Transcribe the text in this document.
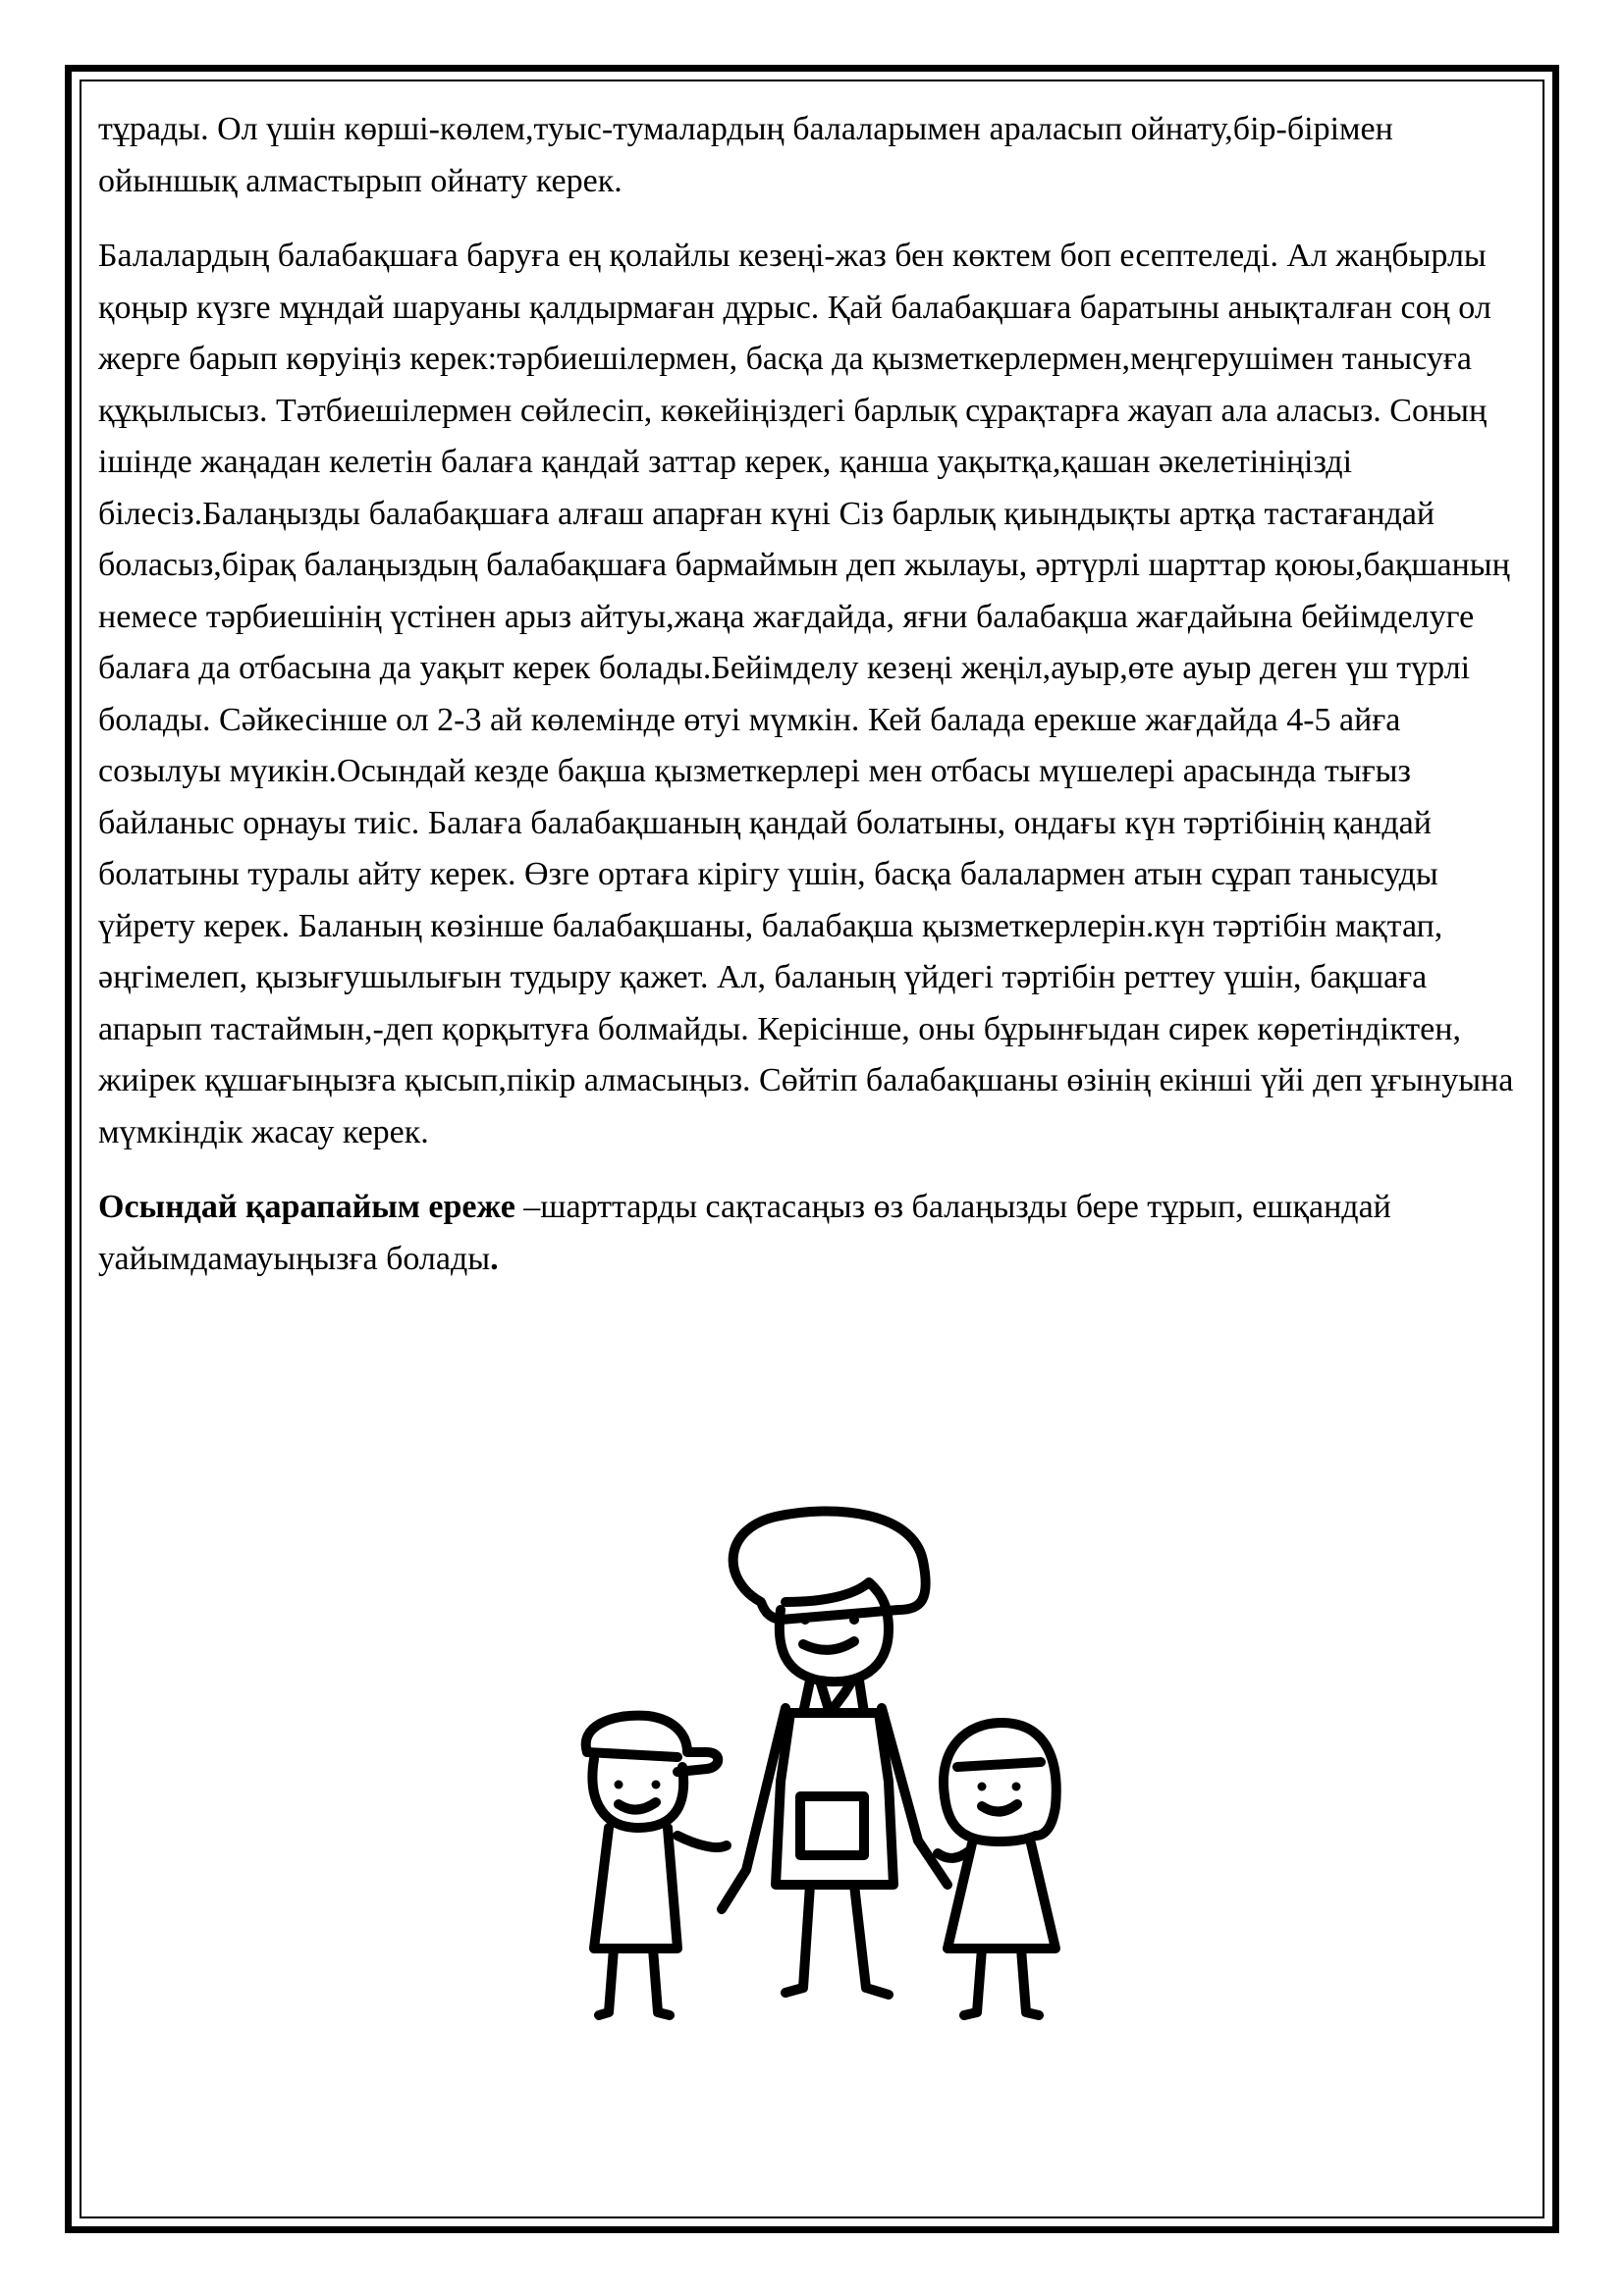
тұрады. Ол үшін көрші-көлем,туыс-тумалардың балаларымен араласып ойнату,бір-бірімен ойыншық алмастырып ойнату керек.

Балалардың балабақшаға баруға ең қолайлы кезеңі-жаз бен көктем боп есептеледі. Ал жаңбырлы қоңыр күзге мұндай шаруаны қалдырмаған дұрыс. Қай балабақшаға баратыны анықталған соң ол жерге барып көруіңіз керек:тәрбиешілермен, басқа да қызметкерлермен,меңгерушімен танысуға құқылысыз. Тәтбиешілермен сөйлесіп, көкейіңіздегі барлық сұрақтарға жауап ала аласыз. Соның ішінде жаңадан келетін балаға қандай заттар керек, қанша уақытқа,қашан әкелетініңізді білесіз.Балаңызды балабақшаға алғаш апарған күні Сіз барлық қиындықты артқа тастағандай боласыз,бірақ балаңыздың балабақшаға бармаймын деп жылауы, әртүрлі шарттар қоюы,бақшаның немесе тәрбиешінің үстінен арыз айтуы,жаңа жағдайда, яғни балабақша жағдайына бейімделуге балаға да отбасына да уақыт керек болады.Бейімделу кезеңі жеңіл,ауыр,өте ауыр деген үш түрлі болады. Сәйкесінше ол 2-3 ай көлемінде өтуі мүмкін. Кей балада ерекше жағдайда 4-5 айға созылуы мүикін.Осындай кезде бақша қызметкерлері мен отбасы мүшелері арасында тығыз байланыс орнауы тиіс. Балаға балабақшаның қандай болатыны, ондағы күн тәртібінің қандай болатыны туралы айту керек. Өзге ортаға кірігу үшін, басқа балалармен атын сұрап танысуды үйрету керек. Баланың көзінше балабақшаны, балабақша қызметкерлерін.күн тәртібін мақтап, әңгімелеп, қызығушылығын тудыру қажет. Ал, баланың үйдегі тәртібін реттеу үшін, бақшаға апарып тастаймын,-деп қорқытуға болмайды. Керісінше, оны бұрынғыдан сирек көретіндіктен, жиірек құшағыңызға қысып,пікір алмасыңыз. Сөйтіп балабақшаны өзінің екінші үйі деп ұғынуына мүмкіндік жасау керек.

Осындай қарапайым ереже –шарттарды сақтасаңыз өз балаңызды бере тұрып, ешқандай уайымдамауыңызға болады.
